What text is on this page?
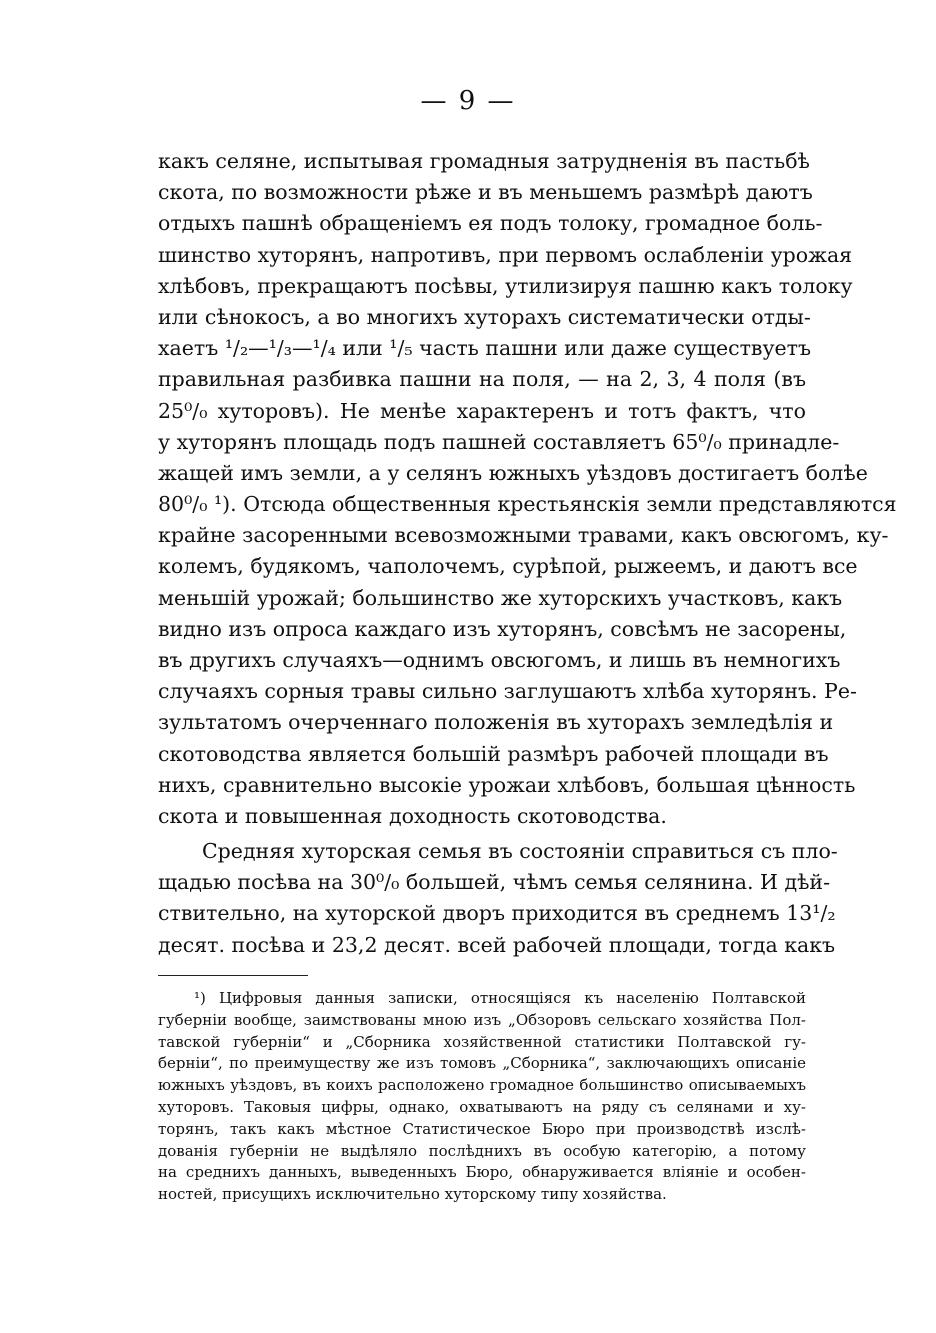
— 9 —
какъ селяне, испытывая громадныя затрудненія въ пастьбѣ
скота, по возможности рѣже и въ меньшемъ размѣрѣ даютъ
отдыхъ пашнѣ обращеніемъ ея подъ толоку, громадное боль-
шинство хуторянъ, напротивъ, при первомъ ослабленіи урожая
хлѣбовъ, прекращаютъ посѣвы, утилизируя пашню какъ толоку
или сѣнокосъ, а во многихъ хуторахъ систематически отды-
хаетъ ¹/₂—¹/₃—¹/₄ или ¹/₅ часть пашни или даже существуетъ
правильная разбивка пашни на поля, — на 2, 3, 4 поля (въ
25⁰/₀ хуторовъ). Не менѣе характеренъ и тотъ фактъ, что
у хуторянъ площадь подъ пашней составляетъ 65⁰/₀ принадле-
жащей имъ земли, а у селянъ южныхъ уѣздовъ достигаетъ болѣе
80⁰/₀ ¹). Отсюда общественныя крестьянскія земли представляются
крайне засоренными всевозможными травами, какъ овсюгомъ, ку-
колемъ, будякомъ, чаполочемъ, сурѣпой, рыжеемъ, и даютъ все
меньшій урожай; большинство же хуторскихъ участковъ, какъ
видно изъ опроса каждаго изъ хуторянъ, совсѣмъ не засорены,
въ другихъ случаяхъ—однимъ овсюгомъ, и лишь въ немногихъ
случаяхъ сорныя травы сильно заглушаютъ хлѣба хуторянъ. Ре-
зультатомъ очерченнаго положенія въ хуторахъ земледѣлія и
скотоводства является большій размѣръ рабочей площади въ
нихъ, сравнительно высокіе урожаи хлѣбовъ, большая цѣнность
скота и повышенная доходность скотоводства.
Средняя хуторская семья въ состояніи справиться съ пло-
щадью посѣва на 30⁰/₀ большей, чѣмъ семья селянина. И дѣй-
ствительно, на хуторской дворъ приходится въ среднемъ 13¹/₂
десят. посѣва и 23,2 десят. всей рабочей площади, тогда какъ
¹) Цифровыя данныя записки, относящіяся къ населенію Полтавской
губерніи вообще, заимствованы мною изъ „Обзоровъ сельскаго хозяйства Пол-
тавской губерніи“ и „Сборника хозяйственной статистики Полтавской гу-
берніи“, по преимуществу же изъ томовъ „Сборника“, заключающихъ описаніе
южныхъ уѣздовъ, въ коихъ расположено громадное большинство описываемыхъ
хуторовъ. Таковыя цифры, однако, охватываютъ на ряду съ селянами и ху-
торянъ, такъ какъ мѣстное Статистическое Бюро при производствѣ изслѣ-
дованія губерніи не выдѣляло послѣднихъ въ особую категорію, а потому
на среднихъ данныхъ, выведенныхъ Бюро, обнаруживается вліяніе и особен-
ностей, присущихъ исключительно хуторскому типу хозяйства.
